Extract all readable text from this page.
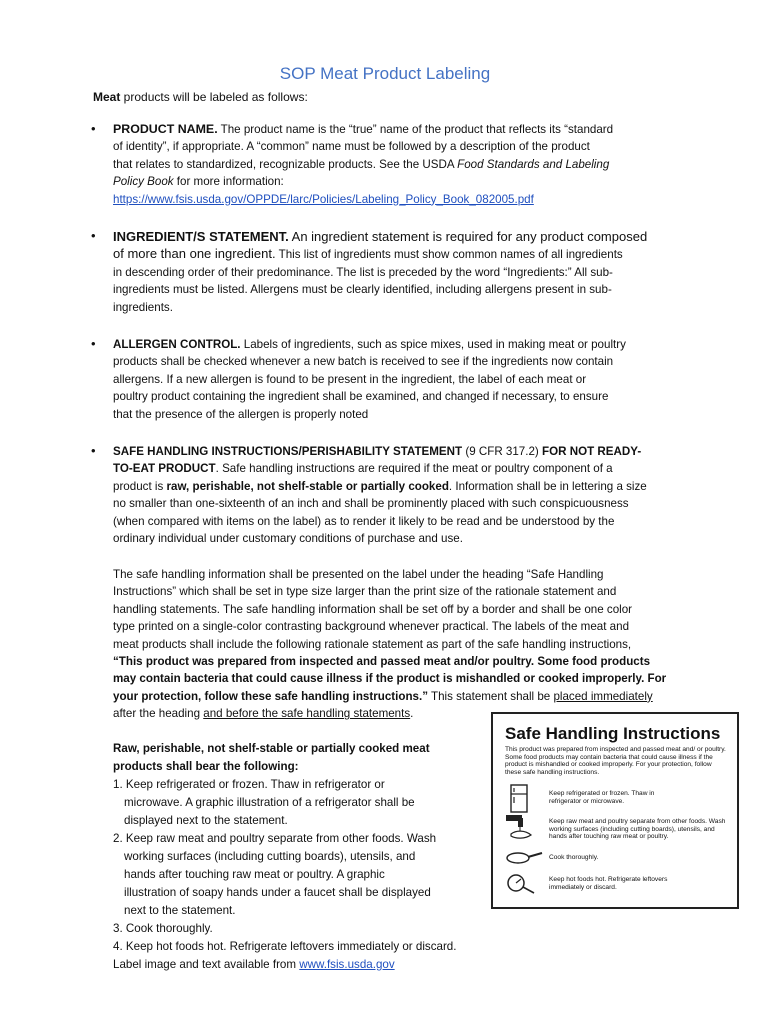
SOP Meat Product Labeling
Meat products will be labeled as follows:
• PRODUCT NAME. The product name is the “true” name of the product that reflects its “standard
of identity”, if appropriate. A “common” name must be followed by a description of the product
that relates to standardized, recognizable products. See the USDA Food Standards and Labeling
Policy Book for more information:
https://www.fsis.usda.gov/OPPDE/larc/Policies/Labeling_Policy_Book_082005.pdf
• INGREDIENT/S STATEMENT. An ingredient statement is required for any product composed
of more than one ingredient. This list of ingredients must show common names of all ingredients
in descending order of their predominance. The list is preceded by the word “Ingredients:” All sub-
ingredients must be listed. Allergens must be clearly identified, including allergens present in sub-
ingredients.
• ALLERGEN CONTROL. Labels of ingredients, such as spice mixes, used in making meat or poultry
products shall be checked whenever a new batch is received to see if the ingredients now contain
allergens. If a new allergen is found to be present in the ingredient, the label of each meat or
poultry product containing the ingredient shall be examined, and changed if necessary, to ensure
that the presence of the allergen is properly noted
• SAFE HANDLING INSTRUCTIONS/PERISHABILITY STATEMENT (9 CFR 317.2) FOR NOT READY-
TO-EAT PRODUCT. Safe handling instructions are required if the meat or poultry component of a
product is raw, perishable, not shelf-stable or partially cooked. Information shall be in lettering a size
no smaller than one-sixteenth of an inch and shall be prominently placed with such conspicuousness
(when compared with items on the label) as to render it likely to be read and be understood by the
ordinary individual under customary conditions of purchase and use.
The safe handling information shall be presented on the label under the heading “Safe Handling
Instructions” which shall be set in type size larger than the print size of the rationale statement and
handling statements. The safe handling information shall be set off by a border and shall be one color
type printed on a single-color contrasting background whenever practical. The labels of the meat and
meat products shall include the following rationale statement as part of the safe handling instructions,
“This product was prepared from inspected and passed meat and/or poultry. Some food products
may contain bacteria that could cause illness if the product is mishandled or cooked improperly. For
your protection, follow these safe handling instructions.” This statement shall be placed immediately
after the heading and before the safe handling statements.
Raw, perishable, not shelf-stable or partially cooked meat
products shall bear the following:
1. Keep refrigerated or frozen. Thaw in refrigerator or
microwave. A graphic illustration of a refrigerator shall be
displayed next to the statement.
2. Keep raw meat and poultry separate from other foods. Wash
working surfaces (including cutting boards), utensils, and
hands after touching raw meat or poultry. A graphic
illustration of soapy hands under a faucet shall be displayed
next to the statement.
3. Cook thoroughly.
4. Keep hot foods hot. Refrigerate leftovers immediately or discard.
Label image and text available from www.fsis.usda.gov
Safe Handling Instructions
This product was prepared from inspected and passed meat and/ or poultry. Some food products may contain bacteria that could cause illness if the product is mishandled or cooked improperly. For your protection, follow these safe handling instructions.
Keep refrigerated or frozen. Thaw in refrigerator or microwave.
Keep raw meat and poultry separate from other foods. Wash working surfaces (including cutting boards), utensils, and hands after touching raw meat or poultry.
Cook thoroughly.
Keep hot foods hot. Refrigerate leftovers immediately or discard.
